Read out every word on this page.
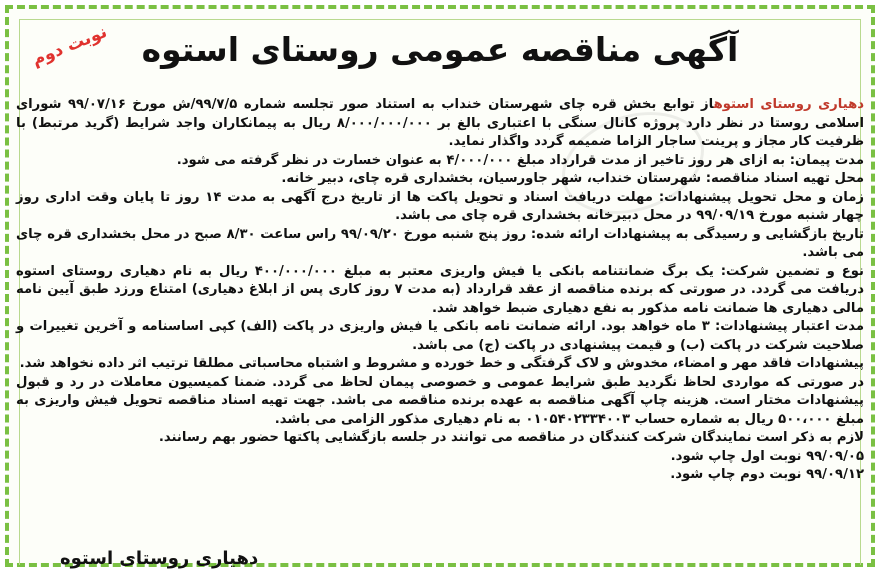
نوبت دوم آگهی مناقصه عمومی روستای استوه

دهیاری روستای استوهاز توابع بخش قره چای شهرستان خنداب به استناد صور تجلسه شماره ۹۹/۷/۵/ش مورخ ۹۹/۰۷/۱۶ شورای اسلامی روستا در نظر دارد پروژه کانال سنگی با اعتباری بالغ بر ۸/۰۰۰/۰۰۰/۰۰۰ ریال به پیمانکاران واجد شرایط (گرید مرتبط) با ظرفیت کار مجاز و پرینت ساجار الزاما ضمیمه گردد واگذار نماید.

مدت پیمان: به ازای هر روز تاخیر از مدت قرارداد مبلغ ۴/۰۰۰/۰۰۰ به عنوان خسارت در نظر گرفته می شود.

محل تهیه اسناد مناقصه: شهرستان خنداب، شهر جاورسیان، بخشداری قره چای، دبیر خانه.

زمان و محل تحویل پیشنهادات: مهلت دریافت اسناد و تحویل پاکت ها از تاریخ درج آگهی به مدت ۱۴ روز تا پایان وقت اداری روز چهار شنبه مورخ ۹۹/۰۹/۱۹ در محل دبیرخانه بخشداری قره چای می باشد.

تاریخ بازگشایی و رسیدگی به پیشنهادات ارائه شده: روز پنج شنبه مورخ ۹۹/۰۹/۲۰ راس ساعت ۸/۳۰ صبح در محل بخشداری قره چای می باشد.

نوع و تضمین شرکت: یک برگ ضمانتنامه بانکی یا فیش واریزی معتبر به مبلغ ۴۰۰/۰۰۰/۰۰۰ ریال به نام دهیاری روستای استوه دریافت می گردد. در صورتی که برنده مناقصه از عقد قرارداد (به مدت ۷ روز کاری پس از ابلاغ دهیاری) امتناع ورزد طبق آیین نامه مالی دهیاری ها ضمانت نامه مذکور به نفع دهیاری ضبط خواهد شد.

مدت اعتبار پیشنهادات: ۳ ماه خواهد بود. ارائه ضمانت نامه بانکی یا فیش واریزی در پاکت (الف) کپی اساسنامه و آخرین تغییرات و صلاحیت شرکت در پاکت (ب) و قیمت پیشنهادی در پاکت (ج) می باشد.

پیشنهادات فاقد مهر و امضاء، مخدوش و لاک گرفتگی و خط خورده و مشروط و اشتباه محاسباتی مطلقا ترتیب اثر داده نخواهد شد.

در صورتی که مواردی لحاظ نگردید طبق شرایط عمومی و خصوصی پیمان لحاظ می گردد. ضمنا کمیسیون معاملات در رد و قبول پیشنهادات مختار است. هزینه چاپ آگهی مناقصه به عهده برنده مناقصه می باشد. جهت تهیه اسناد مناقصه تحویل فیش واریزی به مبلغ ۵۰۰،۰۰۰ ریال به شماره حساب ۰۱۰۵۴۰۲۳۳۴۰۰۳ به نام دهیاری مذکور الزامی می باشد.

لازم به ذکر است نمایندگان شرکت کنندگان در مناقصه می توانند در جلسه بازگشایی پاکتها حضور بهم رسانند.

۹۹/۰۹/۰۵ نوبت اول چاپ شود.

۹۹/۰۹/۱۲ نوبت دوم چاپ شود.

دهیاری روستای استوه
